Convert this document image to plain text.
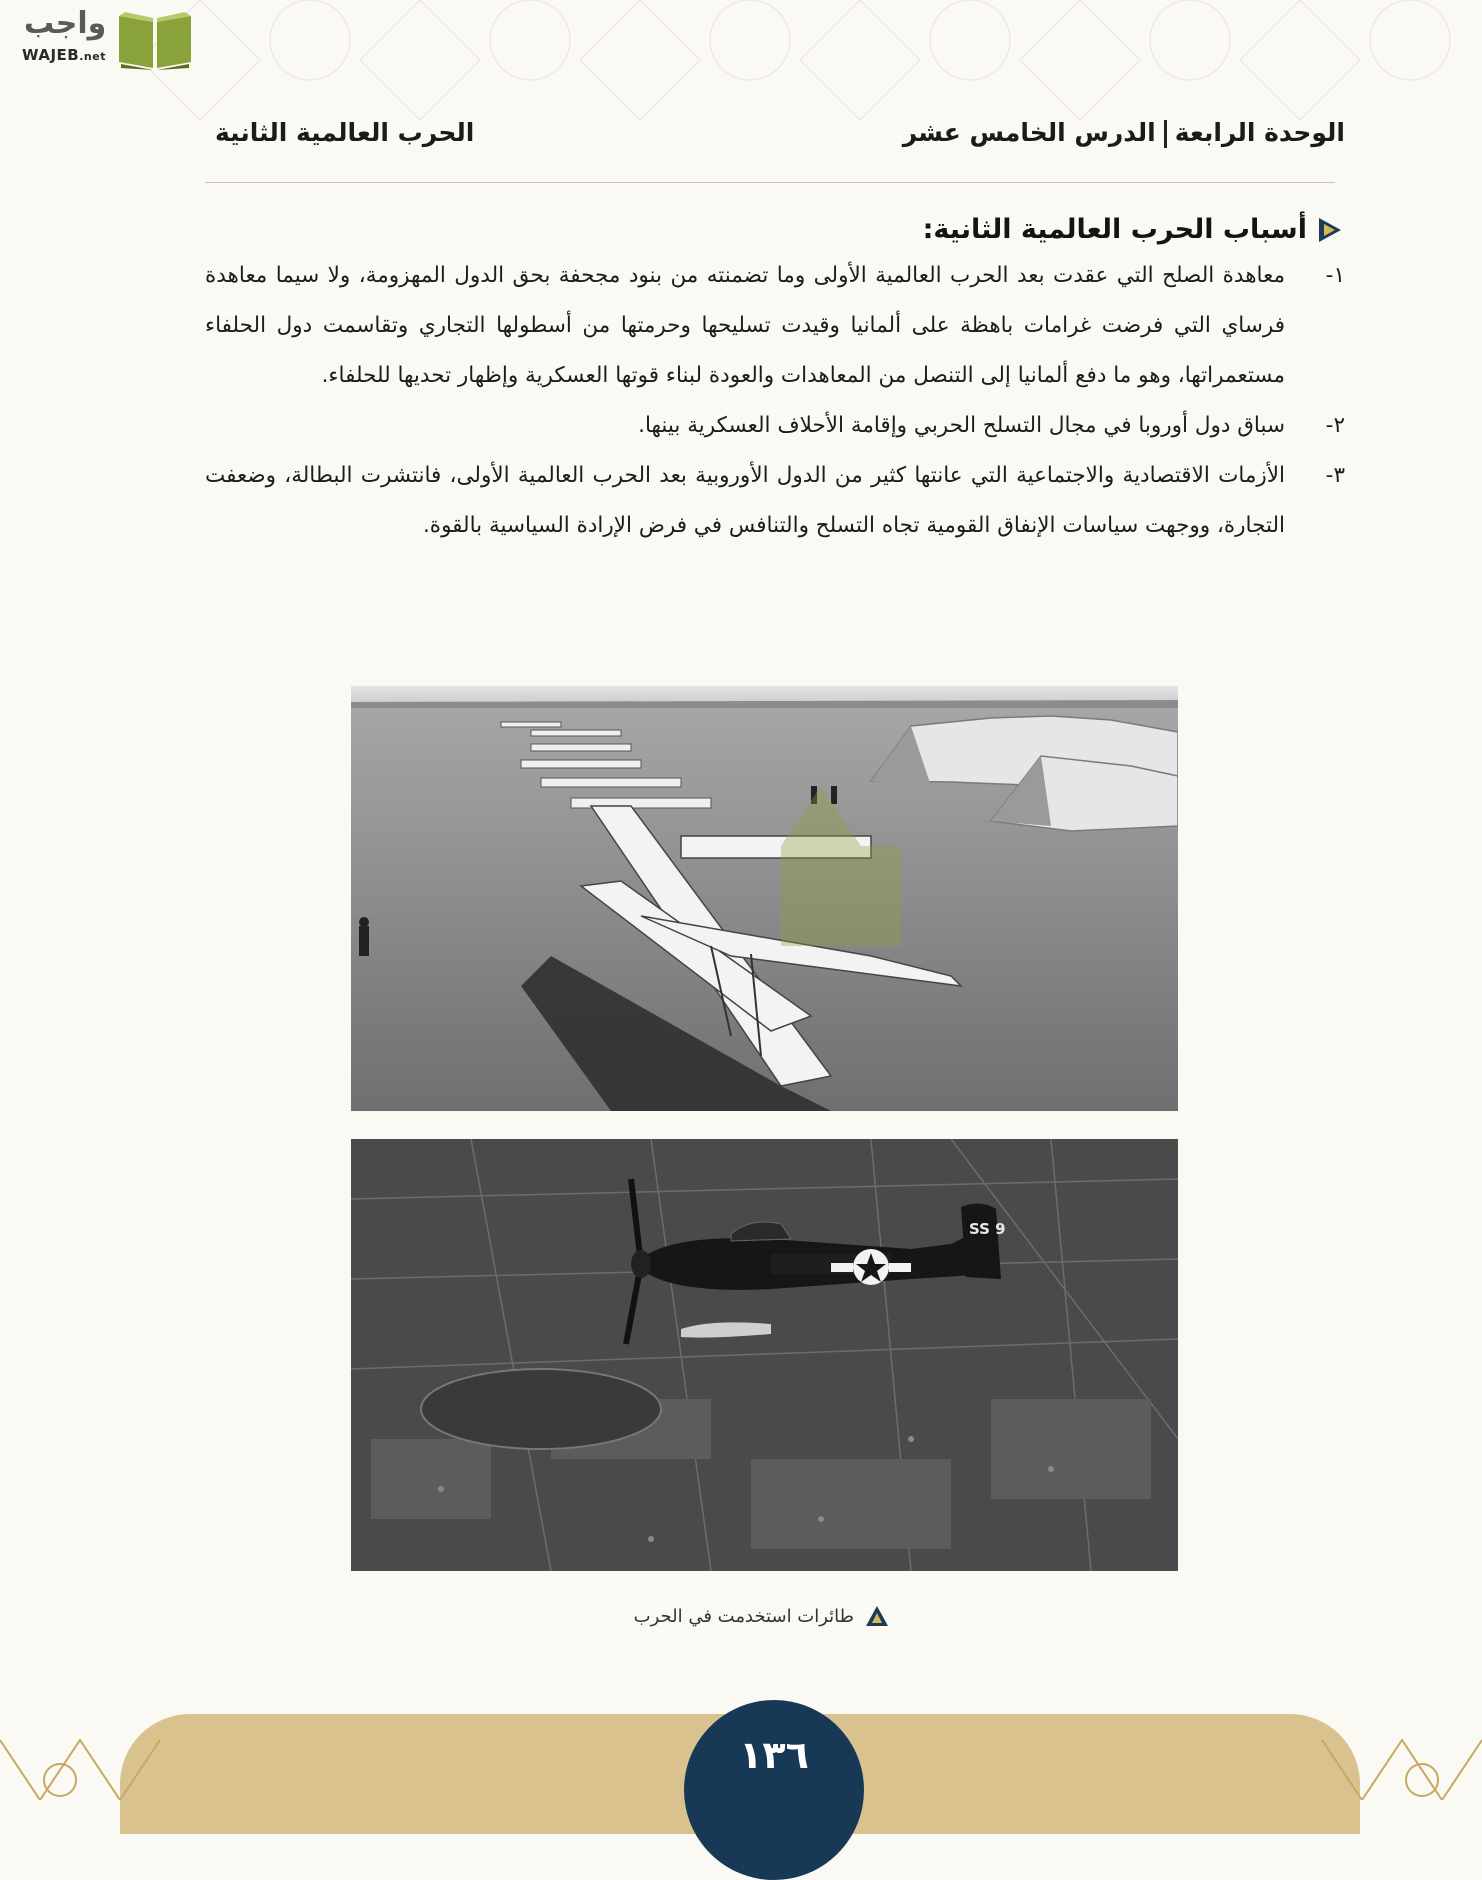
واجب
WAJEB.net
الوحدة الرابعةالدرس الخامس عشر
الحرب العالمية الثانية
أسباب الحرب العالمية الثانية:
١-
معاهدة الصلح التي عقدت بعد الحرب العالمية الأولى وما تضمنته من بنود مجحفة بحق الدول المهزومة، ولا سيما معاهدة فرساي التي فرضت غرامات باهظة على ألمانيا وقيدت تسليحها وحرمتها من أسطولها التجاري وتقاسمت دول الحلفاء مستعمراتها، وهو ما دفع ألمانيا إلى التنصل من المعاهدات والعودة لبناء قوتها العسكرية وإظهار تحديها للحلفاء.
٢-
سباق دول أوروبا في مجال التسلح الحربي وإقامة الأحلاف العسكرية بينها.
٣-
الأزمات الاقتصادية والاجتماعية التي عانتها كثير من الدول الأوروبية بعد الحرب العالمية الأولى، فانتشرت البطالة، وضعفت التجارة، ووجهت سياسات الإنفاق القومية تجاه التسلح والتنافس في فرض الإرادة السياسية بالقوة.
SS 9
طائرات استخدمت في الحرب
١٣٦
